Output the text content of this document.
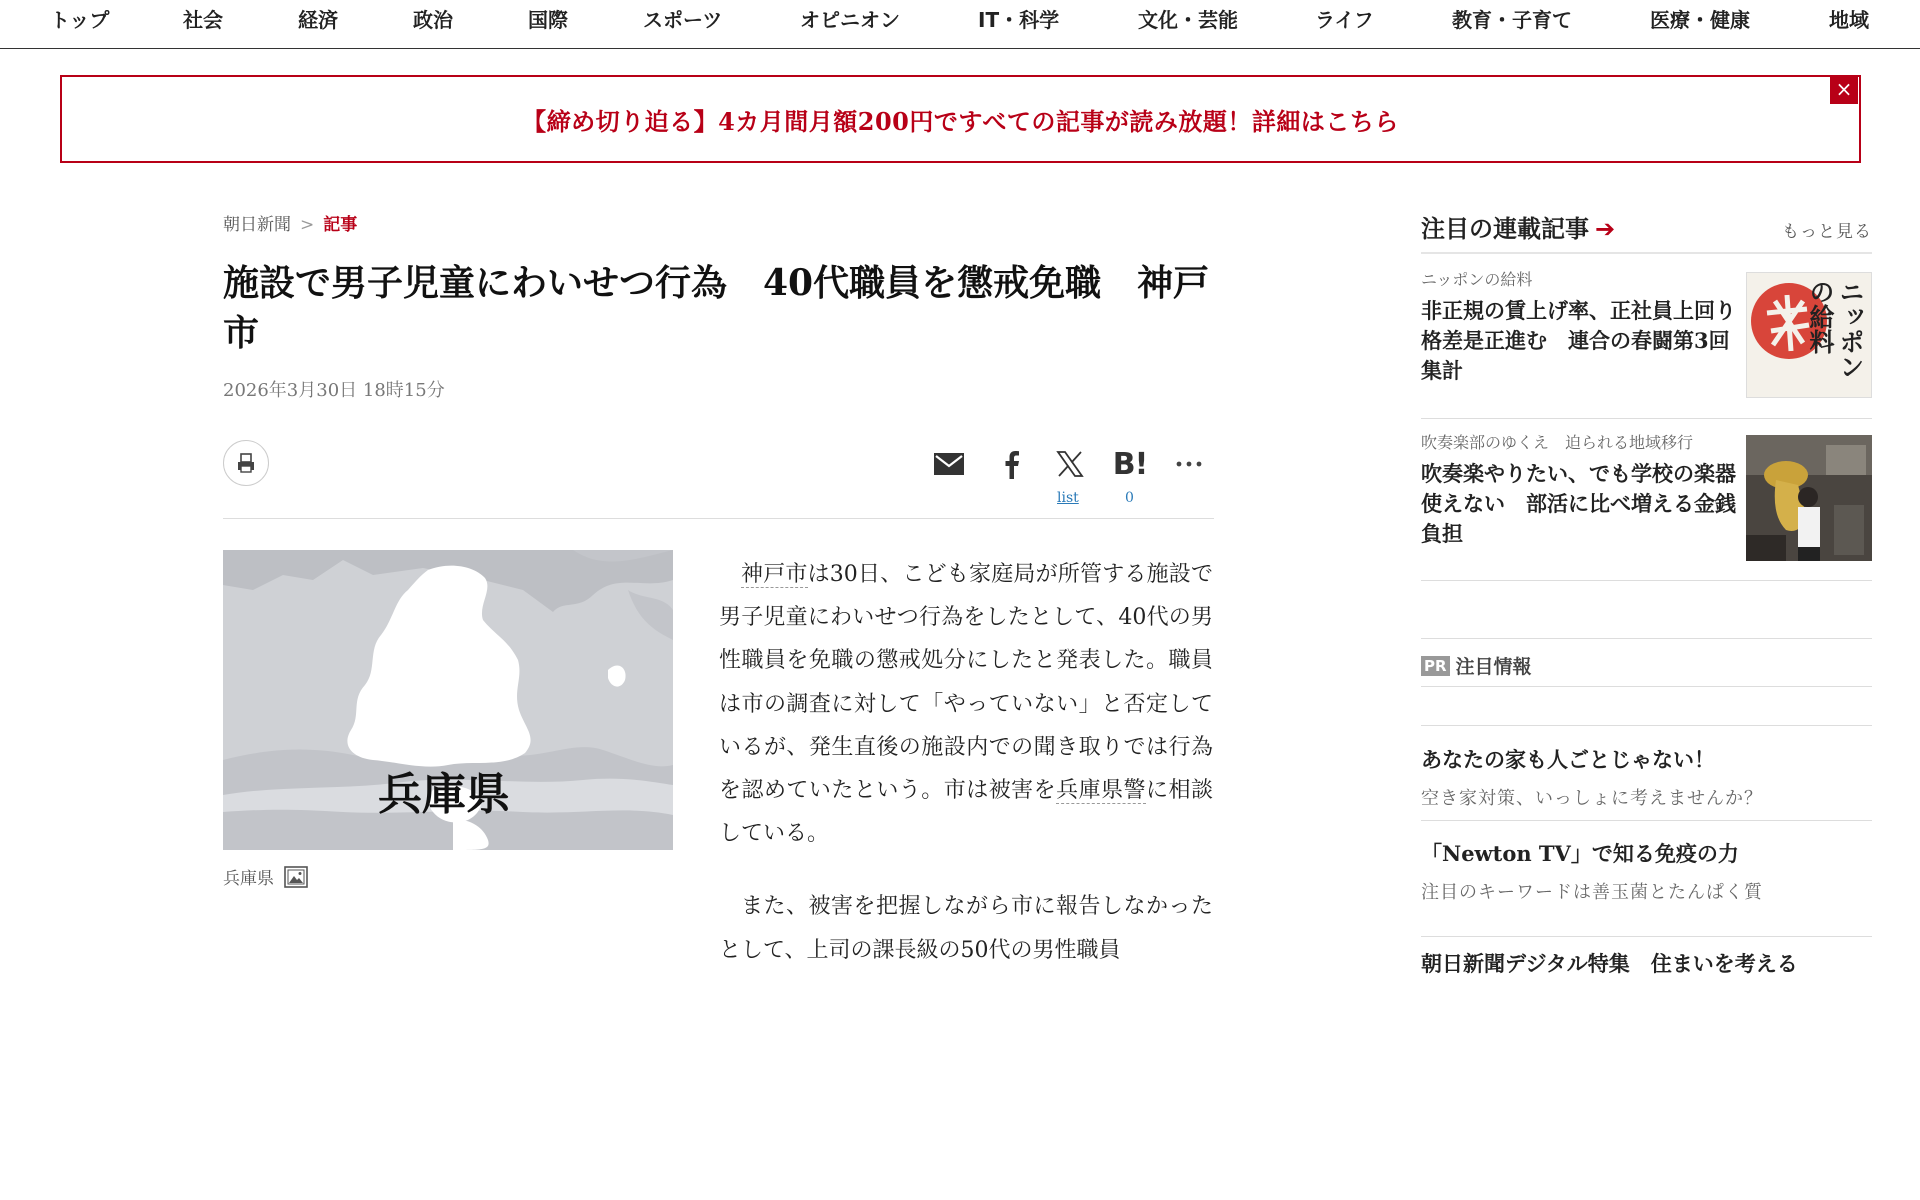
トップ	社会	経済	政治	国際	スポーツ	オピニオン	IT・科学	文化・芸能	ライフ	教育・子育て	医療・健康	地域
【締め切り迫る】4カ月間月額200円ですべての記事が読み放題！詳細はこちら
×
朝日新聞 > 記事
施設で男子児童にわいせつ行為　40代職員を懲戒免職　神戸市
2026年3月30日 18時15分
list
B!
0
兵庫県
兵庫県

神戸市は30日、こども家庭局が所管する施設で男子児童にわいせつ行為をしたとして、40代の男性職員を免職の懲戒処分にしたと発表した。職員は市の調査に対して「やっていない」と否定しているが、発生直後の施設内での聞き取りでは行為を認めていたという。市は被害を兵庫県警に相談している。

また、被害を把握しながら市に報告しなかったとして、上司の課長級の50代の男性職員

注目の連載記事 ➔	もっと見る
ニッポンの給料
非正規の賃上げ率、正社員上回り格差是正進む　連合の春闘第3回集計	ニッポンの給料
吹奏楽部のゆくえ　迫られる地域移行
吹奏楽やりたい、でも学校の楽器使えない　部活に比べ増える金銭負担
PR 注目情報
あなたの家も人ごとじゃない！
空き家対策、いっしょに考えませんか？
「Newton TV」で知る免疫の力
注目のキーワードは善玉菌とたんぱく質
朝日新聞デジタル特集　住まいを考える
